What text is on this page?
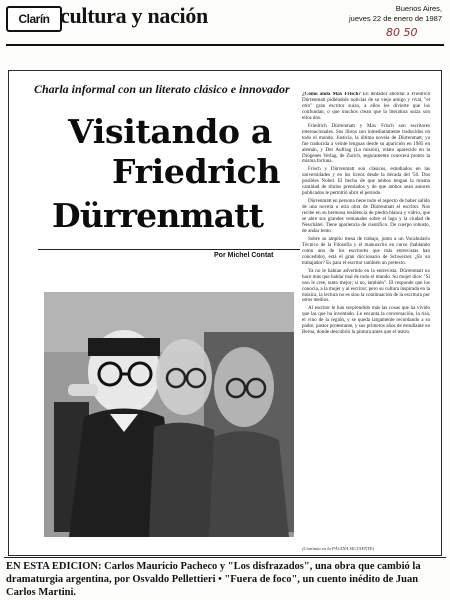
Clarín cultura y nación	Buenos Aires,
jueves 22 de enero de 1987
80 50
Charla informal con un literato clásico e innovador
Visitando a
Friedrich
Dürrenmatt
Por Michel Contat

¿Cómo anda Max Frisch? En tentador abordar a Friedrich Dürrenmatt pidiéndole noticias de su viejo amigo y rival, "el otro" gran escritor suizo, a ellos les divierte que los confundan, o que muchos crean que la literatura suiza son ellos dos.

Friedrich Dürrenmatt y Max Frisch son escritores internacionales. Sus libros son inmediatamente traducidos en todo el mundo. Justicia, la última novela de Dürrenmatt, ya fue traducida a veinte lenguas desde su aparición en 1985 en alemán, y Der Auftrag (La misión), relato aparecido en la Diógenes Verlag, de Zurich, seguramente conocerá pronto la misma fortuna.

Frisch y Dürrenmatt son clásicos, estudiados en las universidades y en los liceos desde la década del '50. Dos posibles Nobel. El hecho de que ambos tengan la misma cantidad de títulos premiados y de que ambos sean autores publicados le permitió abrir el período.

Dürrenmatt en persona tiene todo el aspecto de haber salido de una novela u otra obra de Dürrenmatt el escritor. Nos recibe en su hermosa residencia de piedra blanca y vidrio, que se abre sus grandes ventanales sobre el lago y la ciudad de Neuchâtel. Tiene apariencia de científico. De cuerpo robusto, de andar lento.

Sobre su amplio mesa de trabajo, junto a un Vocabulario Técnico de la Filosofía y el manuscrito en curso (hablando como uno de los escritores que más entrevistas han concedido), está el gran diccionario de Schweizer. ¿Es un trabajador? Es para el escritor también un pretexto.

Ya no le habían advertido en la entrevista. Dürrenmatt no hace más que hablar mal de todo el mundo. Su mujer dice: "Si uno le cree, tanto mejor; si no, también". El responde que los conocía, a la mujer y al escritor; pero su cultura inspirada en la música, la lectura no es sino la continuación de la escritura por otros medios.

Al escritor le han sorprendido más las cosas que ha vivido que las que ha inventado. Le encanta la conversación, la risa, el vino de la región, y se queda largamente recordando a su padre, pastor protestante, y sus primeros años de estudiante en Berna, donde descubrió la pintura antes que el teatro.

(Continúa en la PÁGINA SIGUIENTE)
EN ESTA EDICION: Carlos Mauricio Pacheco y "Los disfrazados", una obra que cambió la dramaturgia argentina, por Osvaldo Pellettieri • "Fuera de foco", un cuento inédito de Juan Carlos Martini.
